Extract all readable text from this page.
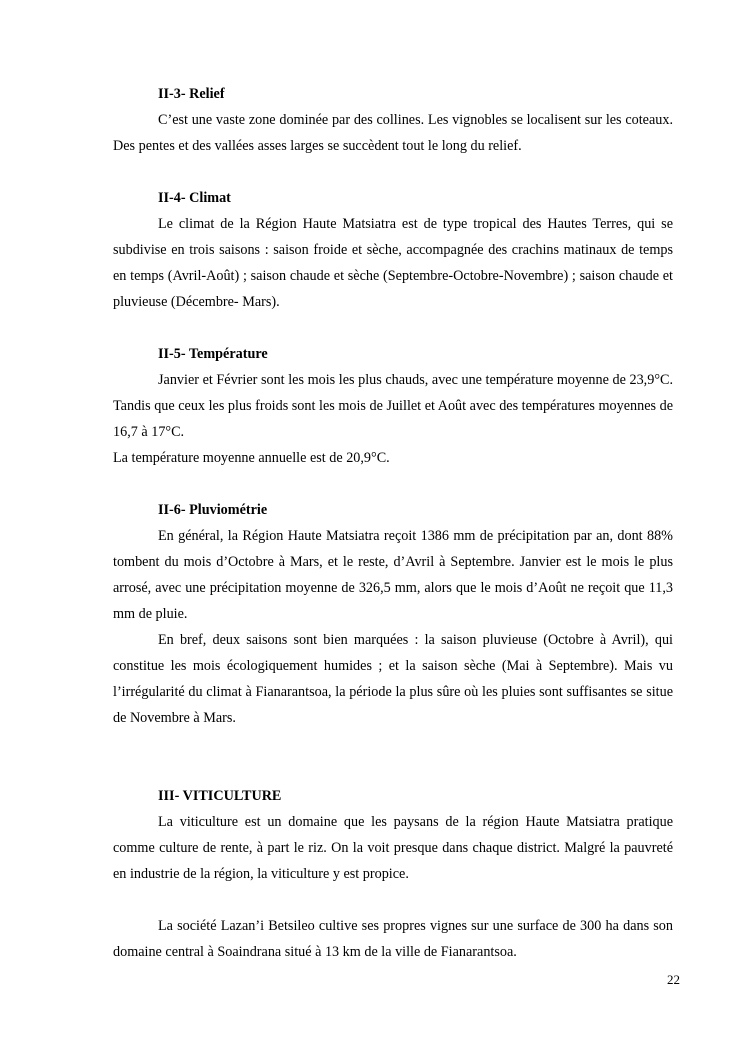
II-3- Relief

C’est une vaste zone dominée par des collines. Les vignobles se localisent sur les coteaux. Des pentes et des vallées asses larges se succèdent tout le long du relief.

II-4- Climat

Le climat de la Région Haute Matsiatra est de type tropical des Hautes Terres, qui se subdivise en trois saisons : saison froide et sèche, accompagnée des crachins matinaux de temps en temps (Avril-Août) ; saison chaude et sèche (Septembre-Octobre-Novembre) ; saison chaude et pluvieuse (Décembre- Mars).

II-5- Température

Janvier et Février sont les mois les plus chauds, avec une température moyenne de 23,9°C. Tandis que ceux les plus froids sont les mois de Juillet et Août avec des températures moyennes de 16,7 à 17°C.

La température moyenne annuelle est de 20,9°C.

II-6- Pluviométrie

En général, la Région Haute Matsiatra reçoit 1386 mm de précipitation par an, dont 88% tombent du mois d’Octobre à Mars, et le reste, d’Avril à Septembre. Janvier est le mois le plus arrosé, avec une précipitation moyenne de 326,5 mm, alors que le mois d’Août ne reçoit que 11,3 mm de pluie.

En bref, deux saisons sont bien marquées : la saison pluvieuse (Octobre à Avril), qui constitue les mois écologiquement humides ; et la saison sèche (Mai à Septembre). Mais vu l’irrégularité du climat à Fianarantsoa, la période la plus sûre où les pluies sont suffisantes se situe de Novembre à Mars.

III- VITICULTURE

La viticulture est un domaine que les paysans de la région Haute Matsiatra pratique comme culture de rente, à part le riz. On la voit presque dans chaque district. Malgré la pauvreté en industrie de la région, la viticulture y est propice.

La société Lazan’i Betsileo cultive ses propres vignes sur une surface de 300 ha dans son domaine central à Soaindrana situé à 13 km de la ville de Fianarantsoa.

22
